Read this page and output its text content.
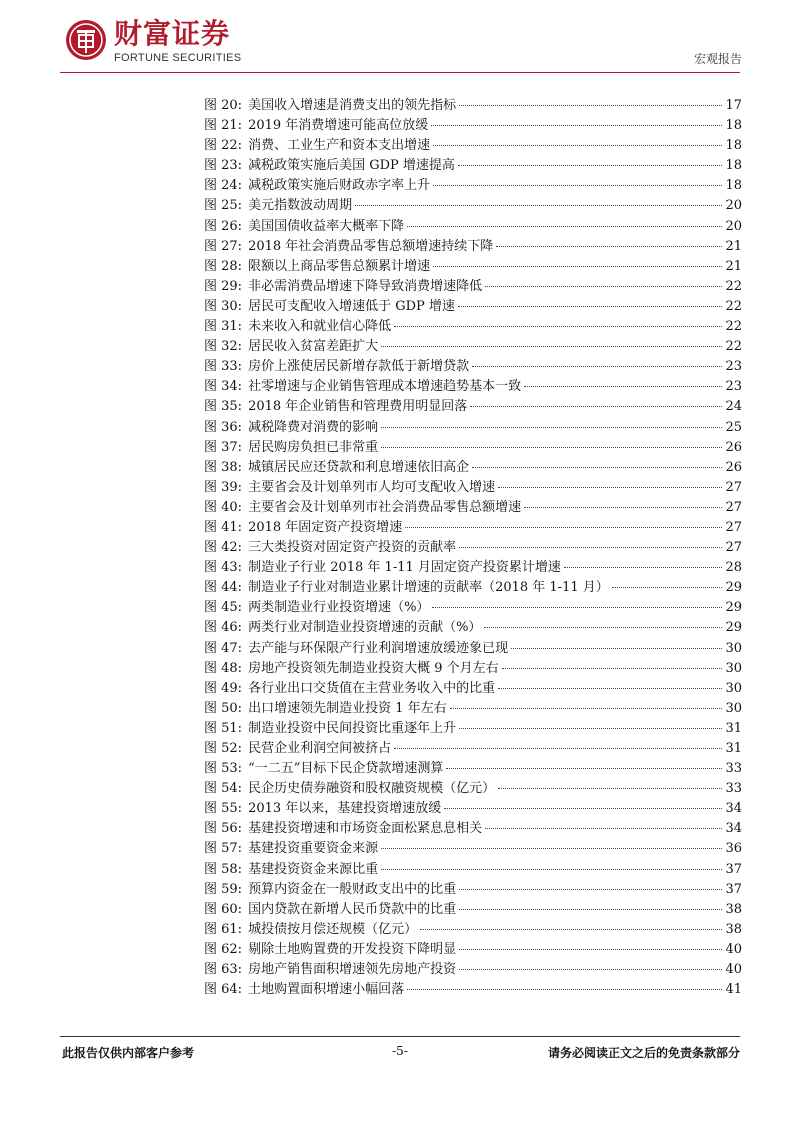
财富证券
FORTUNE SECURITIES	宏观报告
图 20: 美国收入增速是消费支出的领先指标	17
图 21: 2019 年消费增速可能高位放缓	18
图 22: 消费、工业生产和资本支出增速	18
图 23: 减税政策实施后美国 GDP 增速提高	18
图 24: 减税政策实施后财政赤字率上升	18
图 25: 美元指数波动周期	20
图 26: 美国国债收益率大概率下降	20
图 27: 2018 年社会消费品零售总额增速持续下降	21
图 28: 限额以上商品零售总额累计增速	21
图 29: 非必需消费品增速下降导致消费增速降低	22
图 30: 居民可支配收入增速低于 GDP 增速	22
图 31: 未来收入和就业信心降低	22
图 32: 居民收入贫富差距扩大	22
图 33: 房价上涨使居民新增存款低于新增贷款	23
图 34: 社零增速与企业销售管理成本增速趋势基本一致	23
图 35: 2018 年企业销售和管理费用明显回落	24
图 36: 减税降费对消费的影响	25
图 37: 居民购房负担已非常重	26
图 38: 城镇居民应还贷款和利息增速依旧高企	26
图 39: 主要省会及计划单列市人均可支配收入增速	27
图 40: 主要省会及计划单列市社会消费品零售总额增速	27
图 41: 2018 年固定资产投资增速	27
图 42: 三大类投资对固定资产投资的贡献率	27
图 43: 制造业子行业 2018 年 1-11 月固定资产投资累计增速	28
图 44: 制造业子行业对制造业累计增速的贡献率（2018 年 1-11 月）	29
图 45: 两类制造业行业投资增速（%）	29
图 46: 两类行业对制造业投资增速的贡献（%）	29
图 47: 去产能与环保限产行业利润增速放缓迹象已现	30
图 48: 房地产投资领先制造业投资大概 9 个月左右	30
图 49: 各行业出口交货值在主营业务收入中的比重	30
图 50: 出口增速领先制造业投资 1 年左右	30
图 51: 制造业投资中民间投资比重逐年上升	31
图 52: 民营企业利润空间被挤占	31
图 53: “一二五”目标下民企贷款增速测算	33
图 54: 民企历史债券融资和股权融资规模（亿元）	33
图 55: 2013 年以来，基建投资增速放缓	34
图 56: 基建投资增速和市场资金面松紧息息相关	34
图 57: 基建投资重要资金来源	36
图 58: 基建投资资金来源比重	37
图 59: 预算内资金在一般财政支出中的比重	37
图 60: 国内贷款在新增人民币贷款中的比重	38
图 61: 城投债按月偿还规模（亿元）	38
图 62: 剔除土地购置费的开发投资下降明显	40
图 63: 房地产销售面积增速领先房地产投资	40
图 64: 土地购置面积增速小幅回落	41
此报告仅供内部客户参考	-5-	请务必阅读正文之后的免责条款部分
